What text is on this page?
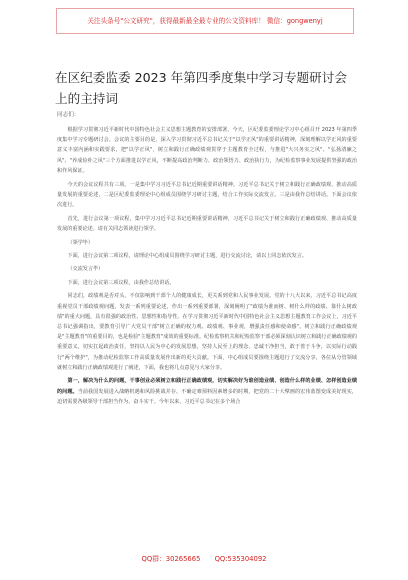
关注头条号"公文研究"，获得最新最全最专业的公文资料库！ 微信：gongwenyj
在区纪委监委 2023 年第四季度集中学习专题研讨会上的主持词
同志们：

根据学习贯彻习近平新时代中国特色社会主义思想主题教育的安排部署，今天，区纪委监委理论学习中心组召开 2023 年第四季度集中学习专题研讨会。会议的主要目的是，深入学习贯彻习近平总书记关于"以学正风"的重要讲话精神，深刻理解以学正风的重要意义丰富内涵和实践要求，把"以学正风"，树立和践行正确政绩观贯穿于主题教育全过程，与推进"大兴务实之风"、"弘扬清廉之风"、"养成俭朴之风"三个方面推进以学正风，不断提高政治判断力、政治领悟力、政治执行力，为纪检监察事业发展提供坚强的政治和作风保证。

今天的会议议程共有三项。一是集中学习习近平总书记近期重要讲话精神。习近平总书记关于树立和践行正确政绩观、推动高质量发展的重要论述，二是区纪委监委理论中心组成员围绕学习研讨主题，结合工作实际交流发言。三是由我作总结讲话。下面会议依次进行。

首先，进行会议第一项议程，集中学习习近平总书记近期重要讲话精神，习近平总书记关于树立和践行正确政绩观、推动高质量发展的重要论述。请有关同志领读进行领学。

（领学毕）

下面，进行会议第二项议程，请理论中心组成员围绕学习研讨主题，进行交流讨论，请以上同志依次发言。

（交流发言毕）

下面，进行会议第三项议程，由我作总结讲话。

同志们，政绩观是否对头，不仅影响到干部个人的健康成长，更关系到党和人民事业发展。党的十八大以来，习近平总书记高度重视党员干部政绩观问题，发表一系列重要论述，作出一系列重要部署，深刻阐明了"政绩为谁而树、树什么样的政绩、靠什么树政绩"的重大问题，具有很强的政治性、思想性和指导性。在学习贯彻习近平新时代中国特色社会主义思想主题教育工作会议上，习近平总书记强调指出，要教育引导广大党员干部"树立正确的权力观、政绩观、事业观，增强责任感和使命感"。树立和践行正确政绩观是"主题教育"的重要目的，也是检验"主题教育"成效的重要标准。纪检监察机关和纪检监察干部必须深刻认识树立和践行正确政绩观的重要意义，切实扛起政治责任，坚持以人民为中心的发展思想，坚持人民至上的理念，忠诚干净担当，敢于善于斗争，以实际行动践行"两个维护"，为推动纪检监察工作高质量发展作出新的更大贡献。下面，中心组成员要围绕主题进行了交流分享，各位从分管领域就树立和践行正确政绩观进行了阐述，下面，我也将几点意见与大家分享。

第一，解决为什么的问题，干事创业必须树立和践行正确政绩观，切实解决好为谁创造业绩、创造什么样的业绩、怎样创造业绩的问题。当前我国发展进入战略机遇和风险挑战并存、不确定难预料因素增多的时期，把党的二十大擘画的宏伟蓝图变成美好现实，迫切需要各级领导干部担当作为、奋斗实干。今年以来，习近平总书记在多个场合

QQ群：30265665 QQ:535304092
